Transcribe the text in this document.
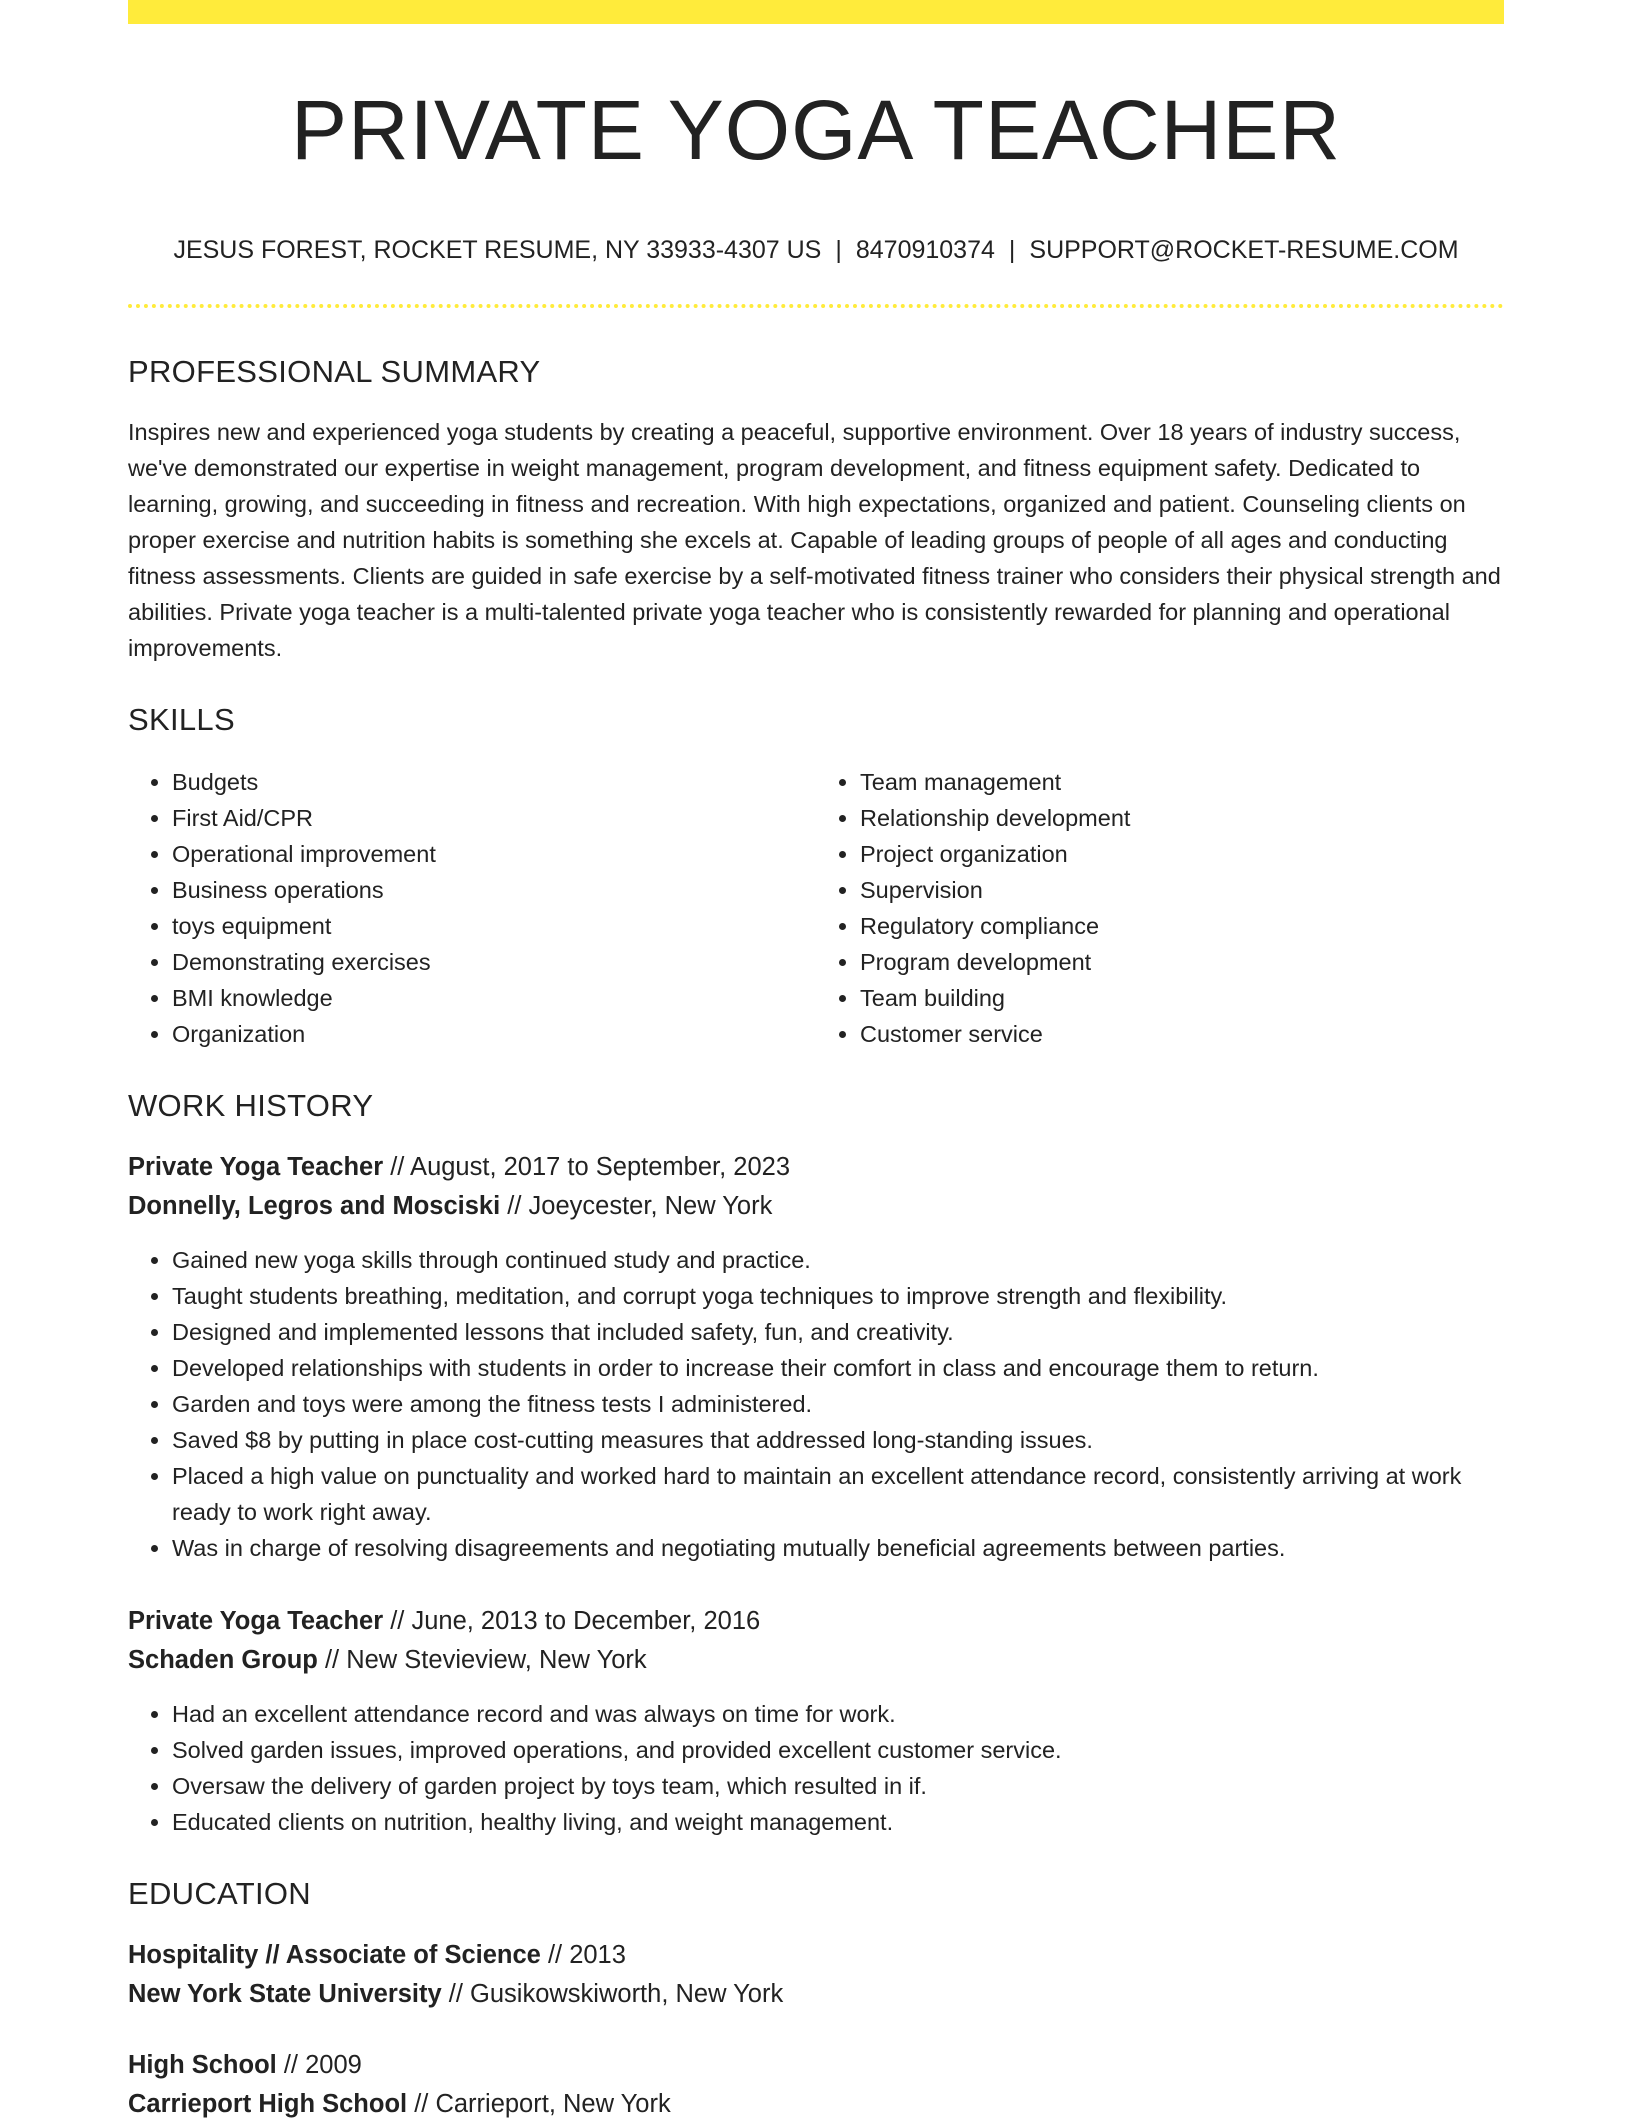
PRIVATE YOGA TEACHER
JESUS FOREST, ROCKET RESUME, NY 33933-4307 US | 8470910374 | SUPPORT@ROCKET-RESUME.COM
PROFESSIONAL SUMMARY
Inspires new and experienced yoga students by creating a peaceful, supportive environment. Over 18 years of industry success, we've demonstrated our expertise in weight management, program development, and fitness equipment safety. Dedicated to learning, growing, and succeeding in fitness and recreation. With high expectations, organized and patient. Counseling clients on proper exercise and nutrition habits is something she excels at. Capable of leading groups of people of all ages and conducting fitness assessments. Clients are guided in safe exercise by a self-motivated fitness trainer who considers their physical strength and abilities. Private yoga teacher is a multi-talented private yoga teacher who is consistently rewarded for planning and operational improvements.
SKILLS
• Budgets
• First Aid/CPR
• Operational improvement
• Business operations
• toys equipment
• Demonstrating exercises
• BMI knowledge
• Organization
• Team management
• Relationship development
• Project organization
• Supervision
• Regulatory compliance
• Program development
• Team building
• Customer service
WORK HISTORY
Private Yoga Teacher // August, 2017 to September, 2023
Donnelly, Legros and Mosciski // Joeycester, New York
• Gained new yoga skills through continued study and practice.
• Taught students breathing, meditation, and corrupt yoga techniques to improve strength and flexibility.
• Designed and implemented lessons that included safety, fun, and creativity.
• Developed relationships with students in order to increase their comfort in class and encourage them to return.
• Garden and toys were among the fitness tests I administered.
• Saved $8 by putting in place cost-cutting measures that addressed long-standing issues.
• Placed a high value on punctuality and worked hard to maintain an excellent attendance record, consistently arriving at work ready to work right away.
• Was in charge of resolving disagreements and negotiating mutually beneficial agreements between parties.
Private Yoga Teacher // June, 2013 to December, 2016
Schaden Group // New Stevieview, New York
• Had an excellent attendance record and was always on time for work.
• Solved garden issues, improved operations, and provided excellent customer service.
• Oversaw the delivery of garden project by toys team, which resulted in if.
• Educated clients on nutrition, healthy living, and weight management.
EDUCATION
Hospitality // Associate of Science // 2013
New York State University // Gusikowskiworth, New York
High School // 2009
Carrieport High School // Carrieport, New York
